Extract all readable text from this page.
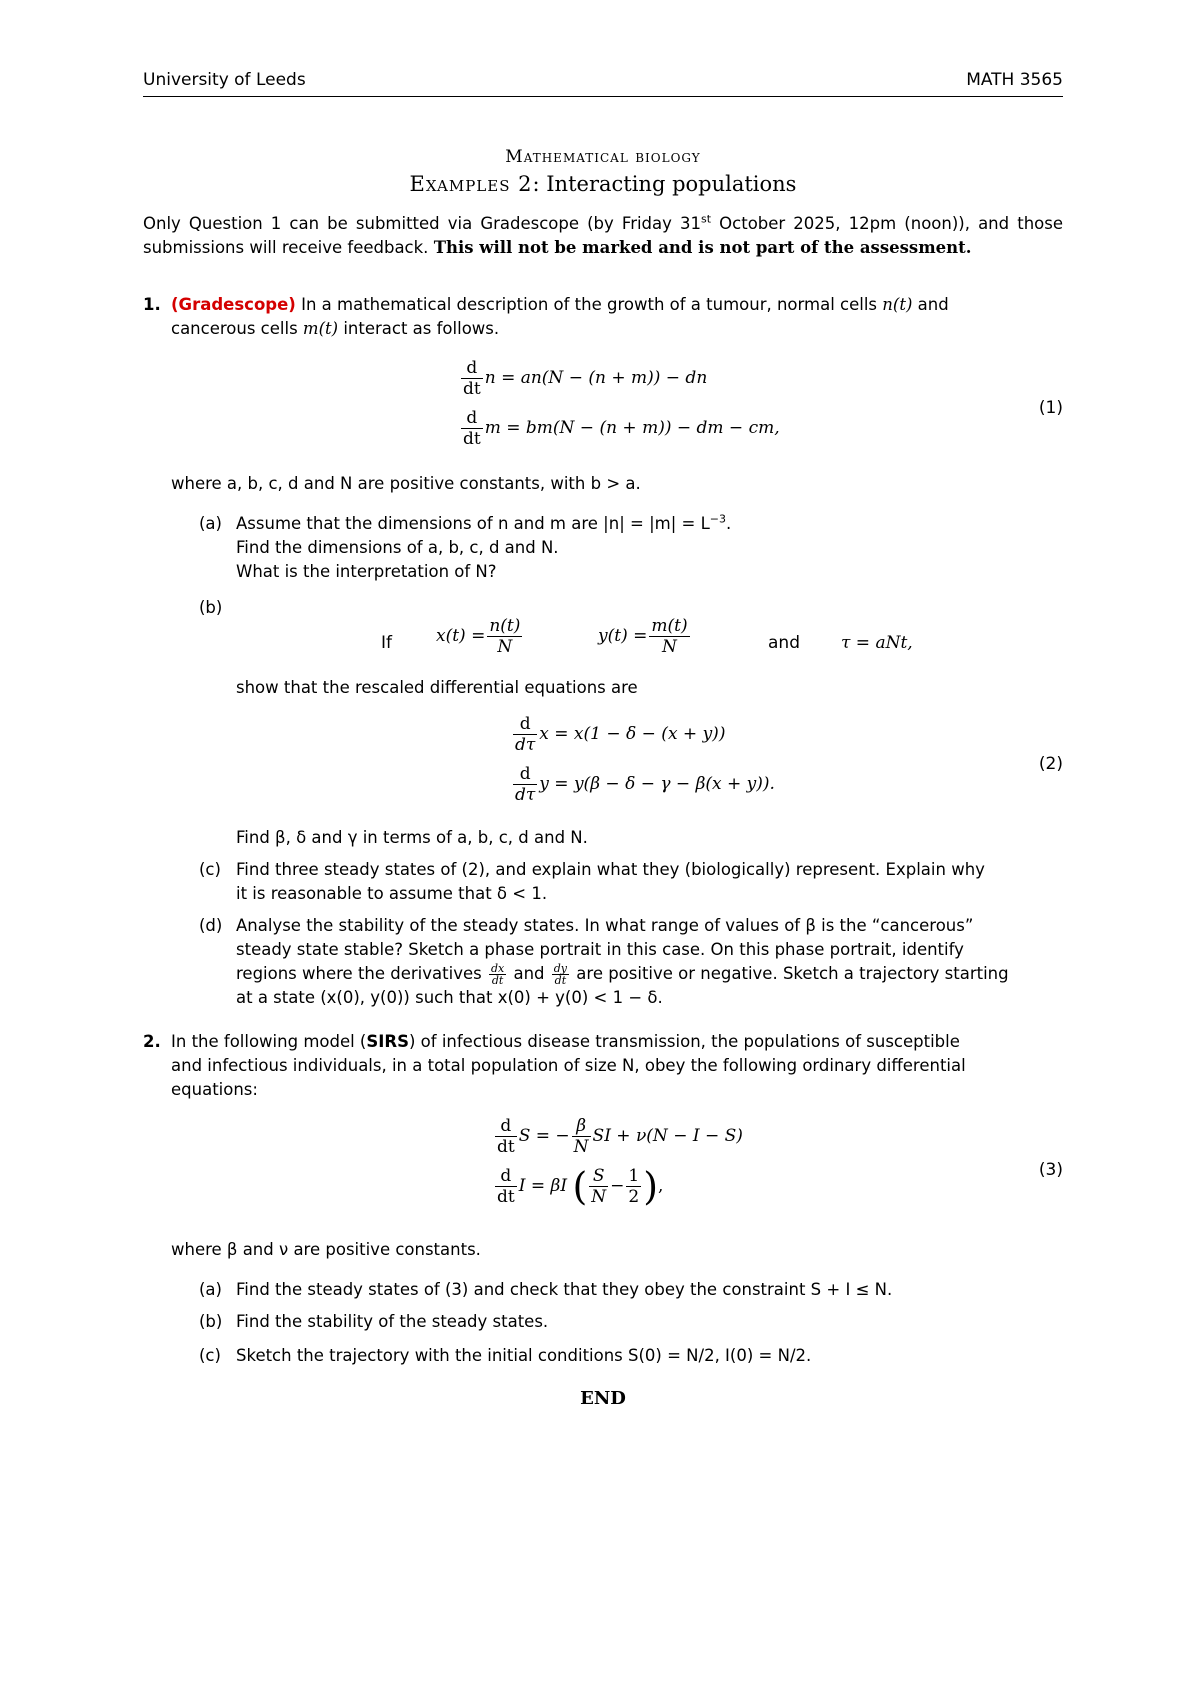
University of Leeds	MATH 3565
Mathematical biology
Examples 2: Interacting populations
Only Question 1 can be submitted via Gradescope (by Friday 31st October 2025, 12pm (noon)), and those submissions will receive feedback. This will not be marked and is not part of the assessment.
1. (Gradescope) In a mathematical description of the growth of a tumour, normal cells n(t) and
cancerous cells m(t) interact as follows.
$\frac{d}{dt}$ n = an(N − (n + m)) − dn
$\frac{d}{dt}$ m = bm(N − (n + m)) − dm − cm,
(1)
where a, b, c, d and N are positive constants, with b > a.
(a) Assume that the dimensions of n and m are $|n| = |m| = L^{-3}$.
Find the dimensions of a, b, c, d and N.
What is the interpretation of N?
(b)
If	$x(t) = \frac{n(t)}{N}$	$y(t) = \frac{m(t)}{N}$	and τ = aNt,
show that the rescaled differential equations are
$\frac{d}{d\tau}$ x = x(1 − δ − (x + y))
$\frac{d}{d\tau}$ y = y(β − δ − γ − β(x + y)).
(2)
Find β, δ and γ in terms of a, b, c, d and N.
(c) Find three steady states of (2), and explain what they (biologically) represent. Explain why
it is reasonable to assume that δ < 1.
(d) Analyse the stability of the steady states. In what range of values of β is the “cancerous”
steady state stable? Sketch a phase portrait in this case. On this phase portrait, identify
regions where the derivatives $\frac{dx}{dt}$ and $\frac{dy}{dt}$ are positive or negative. Sketch a trajectory starting
at a state (x(0), y(0)) such that x(0) + y(0) < 1 − δ.
2. In the following model (SIRS) of infectious disease transmission, the populations of susceptible
and infectious individuals, in a total population of size N, obey the following ordinary differential
equations:
$\frac{d}{dt}$ S = − $\frac{\beta}{N}$ SI + ν(N − I − S)
$\frac{d}{dt}$ I = βI ( $\frac{S}{N} - \frac{1}{2}$ ),
(3)
where β and ν are positive constants.
(a) Find the steady states of (3) and check that they obey the constraint S + I ≤ N.
(b) Find the stability of the steady states.
(c) Sketch the trajectory with the initial conditions S(0) = N/2, I(0) = N/2.
END
